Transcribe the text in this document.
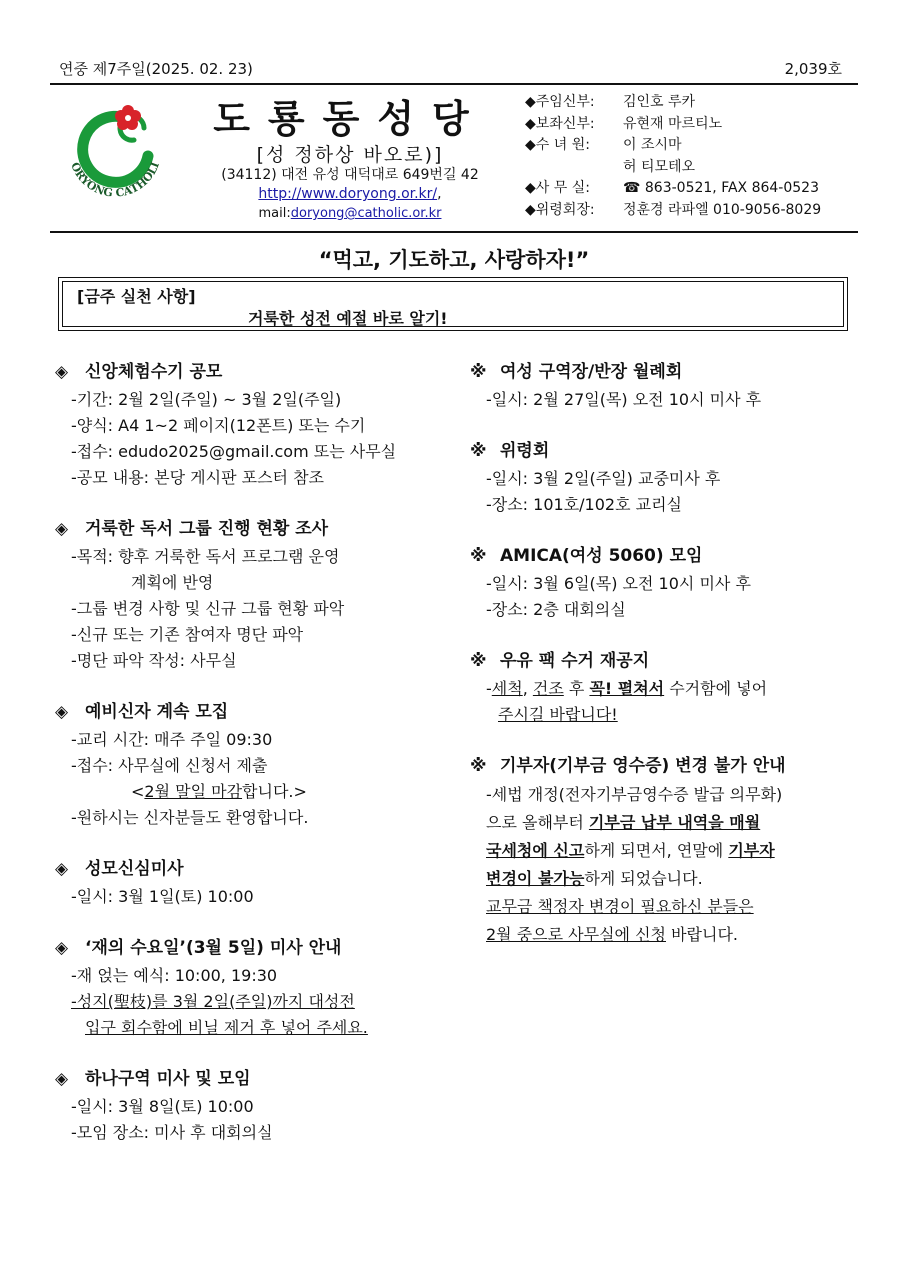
연중 제7주일(2025. 02. 23)	2,039호
ORYONG CATHOLI
도룡동성당
[성 정하상 바오로)]
(34112) 대전 유성 대덕대로 649번길 42
http://www.doryong.or.kr/,
mail:doryong@catholic.or.kr
◆주임신부: 김인호 루카
◆보좌신부: 유현재 마르티노
◆수 녀 원: 이 조시마
허 티모테오
◆사 무 실: ☎ 863-0521, FAX 864-0523
◆위령회장: 정훈경 라파엘 010-9056-8029
“먹고, 기도하고, 사랑하자!”
[금주 실천 사항]
거룩한 성전 예절 바로 알기!
◈ 신앙체험수기 공모
-기간: 2월 2일(주일) ~ 3월 2일(주일)
-양식: A4 1~2 페이지(12폰트) 또는 수기
-접수: edudo2025@gmail.com 또는 사무실
-공모 내용: 본당 게시판 포스터 참조
◈ 거룩한 독서 그룹 진행 현황 조사
-목적: 향후 거룩한 독서 프로그램 운영
계획에 반영
-그룹 변경 사항 및 신규 그룹 현황 파악
-신규 또는 기존 참여자 명단 파악
-명단 파악 작성: 사무실
◈ 예비신자 계속 모집
-교리 시간: 매주 주일 09:30
-접수: 사무실에 신청서 제출
<2월 말일 마감합니다.>
-원하시는 신자분들도 환영합니다.
◈ 성모신심미사
-일시: 3월 1일(토) 10:00
◈ ‘재의 수요일’(3월 5일) 미사 안내
-재 얹는 예식: 10:00, 19:30
-성지(聖枝)를 3월 2일(주일)까지 대성전
입구 회수함에 비닐 제거 후 넣어 주세요.
◈ 하나구역 미사 및 모임
-일시: 3월 8일(토) 10:00
-모임 장소: 미사 후 대회의실
※ 여성 구역장/반장 월례회
-일시: 2월 27일(목) 오전 10시 미사 후
※ 위령회
-일시: 3월 2일(주일) 교중미사 후
-장소: 101호/102호 교리실
※ AMICA(여성 5060) 모임
-일시: 3월 6일(목) 오전 10시 미사 후
-장소: 2층 대회의실
※ 우유 팩 수거 재공지
-세척, 건조 후 꼭! 펼쳐서 수거함에 넣어
주시길 바랍니다!
※ 기부자(기부금 영수증) 변경 불가 안내
-세법 개정(전자기부금영수증 발급 의무화)
으로 올해부터 기부금 납부 내역을 매월
국세청에 신고하게 되면서, 연말에 기부자
변경이 불가능하게 되었습니다.
교무금 책정자 변경이 필요하신 분들은
2월 중으로 사무실에 신청 바랍니다.
